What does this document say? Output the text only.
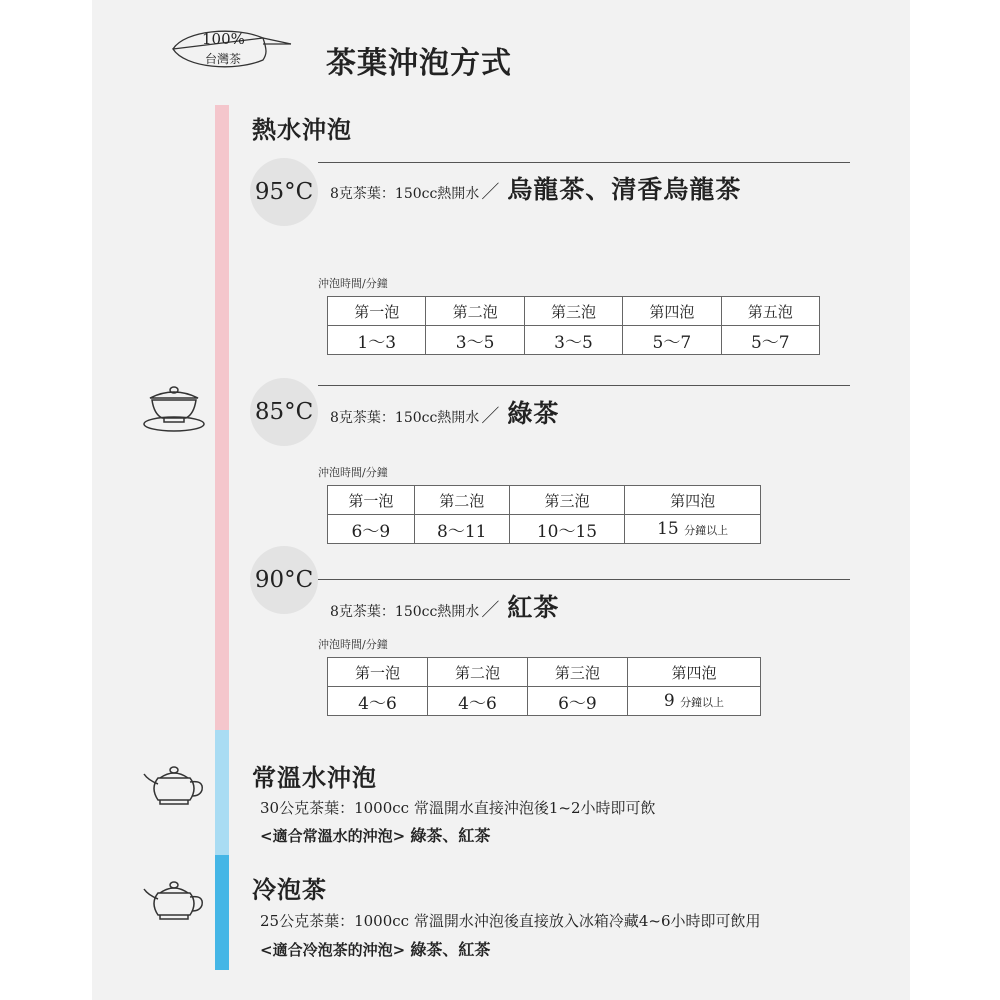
100%
台灣茶	茶葉沖泡方式
熱水沖泡
95°C	8克茶葉：150cc熱開水 ／ 烏龍茶、清香烏龍茶
沖泡時間/分鐘
第一泡	第二泡	第三泡	第四泡	第五泡
1～3	3～5	3～5	5～7	5～7
85°C	8克茶葉：150cc熱開水 ／ 綠茶
沖泡時間/分鐘
第一泡	第二泡	第三泡	第四泡
6～9	8～11	10～15	15 分鐘以上
90°C
8克茶葉：150cc熱開水 ／ 紅茶
沖泡時間/分鐘
第一泡	第二泡	第三泡	第四泡
4～6	4～6	6～9	9 分鐘以上
常溫水沖泡
30公克茶葉：1000cc 常溫開水直接沖泡後1~2小時即可飲
<適合常溫水的沖泡> 綠茶、紅茶
冷泡茶
25公克茶葉：1000cc 常溫開水沖泡後直接放入冰箱冷藏4~6小時即可飲用
<適合冷泡茶的沖泡> 綠茶、紅茶
